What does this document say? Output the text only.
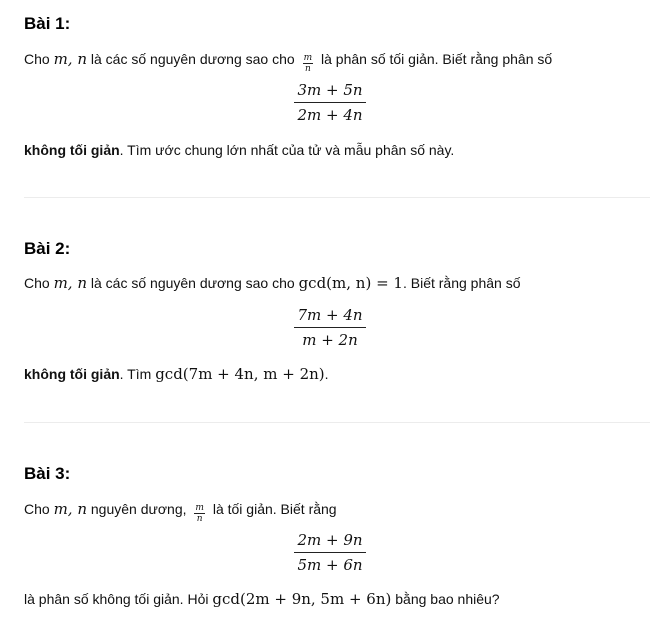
Bài 1:
Cho m, n là các số nguyên dương sao cho $\frac{m}{n}$ là phân số tối giản. Biết rằng phân số
$\frac{3m + 5n}{2m + 4n}$
không tối giản. Tìm ước chung lớn nhất của tử và mẫu phân số này.
Bài 2:
Cho m, n là các số nguyên dương sao cho gcd(m, n) = 1. Biết rằng phân số
$\frac{7m + 4n}{m + 2n}$
không tối giản. Tìm gcd(7m + 4n, m + 2n).
Bài 3:
Cho m, n nguyên dương, $\frac{m}{n}$ là tối giản. Biết rằng
$\frac{2m + 9n}{5m + 6n}$
là phân số không tối giản. Hỏi gcd(2m + 9n, 5m + 6n) bằng bao nhiêu?
